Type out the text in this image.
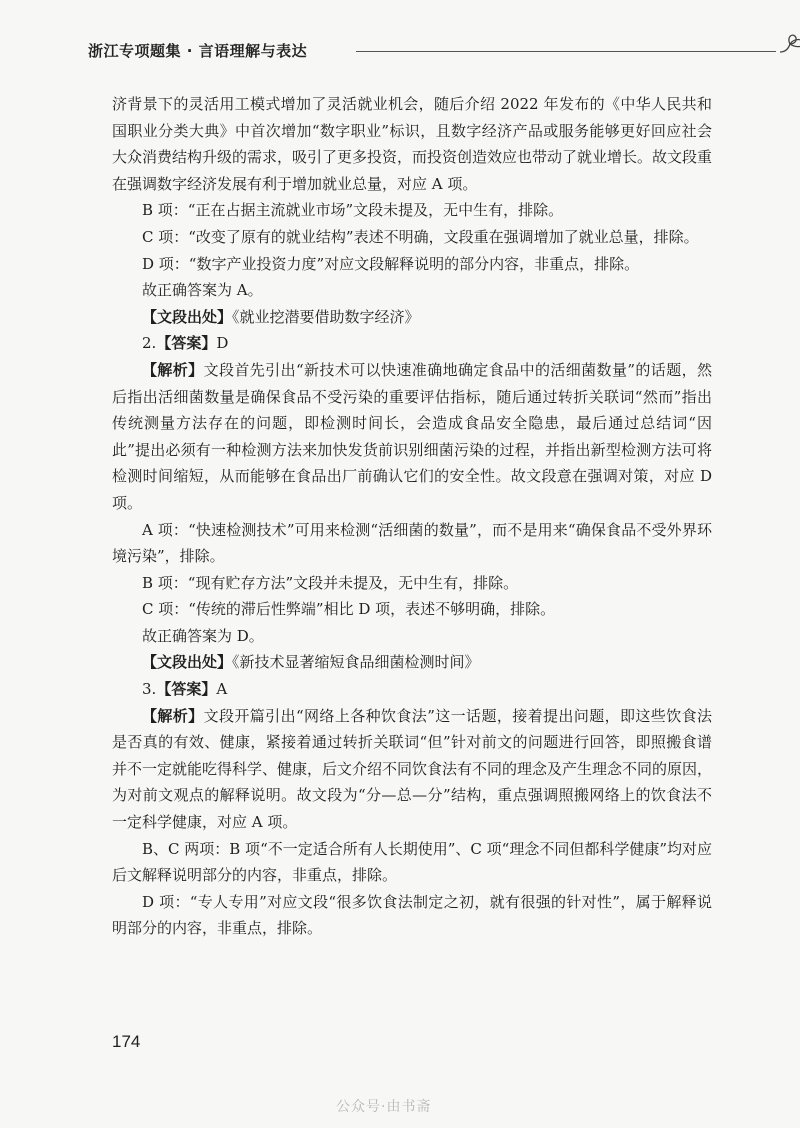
浙江专项题集 · 言语理解与表达

济背景下的灵活用工模式增加了灵活就业机会，随后介绍 2022 年发布的《中华人民共和国职业分类大典》中首次增加“数字职业”标识，且数字经济产品或服务能够更好回应社会大众消费结构升级的需求，吸引了更多投资，而投资创造效应也带动了就业增长。故文段重在强调数字经济发展有利于增加就业总量，对应 A 项。

B 项：“正在占据主流就业市场”文段未提及，无中生有，排除。

C 项：“改变了原有的就业结构”表述不明确，文段重在强调增加了就业总量，排除。

D 项：“数字产业投资力度”对应文段解释说明的部分内容，非重点，排除。

故正确答案为 A。

【文段出处】《就业挖潜要借助数字经济》

2.【答案】D

【解析】文段首先引出“新技术可以快速准确地确定食品中的活细菌数量”的话题，然后指出活细菌数量是确保食品不受污染的重要评估指标，随后通过转折关联词“然而”指出传统测量方法存在的问题，即检测时间长，会造成食品安全隐患，最后通过总结词“因此”提出必须有一种检测方法来加快发货前识别细菌污染的过程，并指出新型检测方法可将检测时间缩短，从而能够在食品出厂前确认它们的安全性。故文段意在强调对策，对应 D 项。

A 项：“快速检测技术”可用来检测“活细菌的数量”，而不是用来“确保食品不受外界环境污染”，排除。

B 项：“现有贮存方法”文段并未提及，无中生有，排除。

C 项：“传统的滞后性弊端”相比 D 项，表述不够明确，排除。

故正确答案为 D。

【文段出处】《新技术显著缩短食品细菌检测时间》

3.【答案】A

【解析】文段开篇引出“网络上各种饮食法”这一话题，接着提出问题，即这些饮食法是否真的有效、健康，紧接着通过转折关联词“但”针对前文的问题进行回答，即照搬食谱并不一定就能吃得科学、健康，后文介绍不同饮食法有不同的理念及产生理念不同的原因，为对前文观点的解释说明。故文段为“分—总—分”结构，重点强调照搬网络上的饮食法不一定科学健康，对应 A 项。

B、C 两项：B 项“不一定适合所有人长期使用”、C 项“理念不同但都科学健康”均对应后文解释说明部分的内容，非重点，排除。

D 项：“专人专用”对应文段“很多饮食法制定之初，就有很强的针对性”，属于解释说明部分的内容，非重点，排除。

174
公众号·由书斋
